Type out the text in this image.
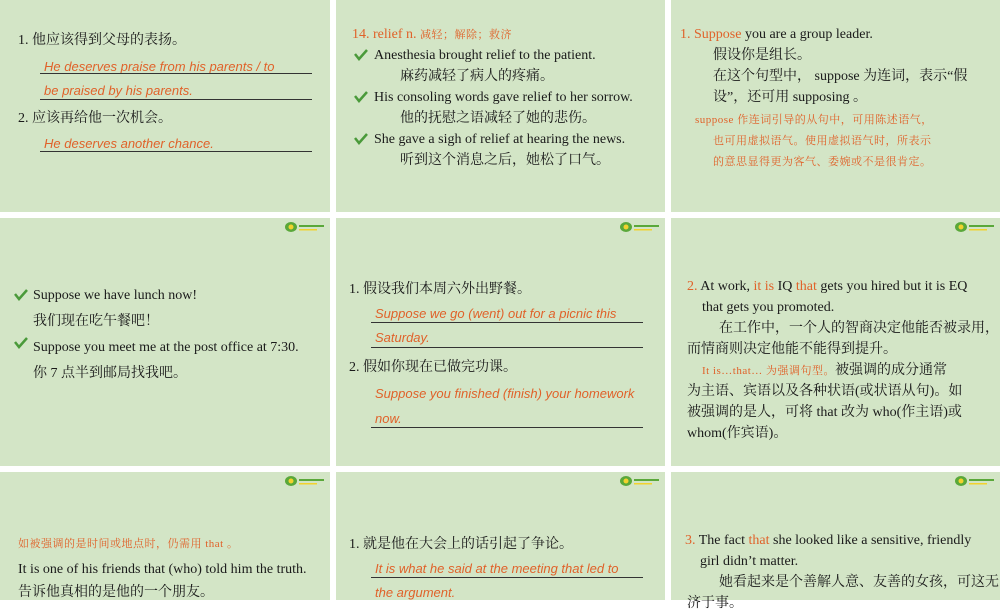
1. 他应该得到父母的表扬。
He deserves praise from his parents / to
be praised by his parents.
2. 应该再给他一次机会。
He deserves another chance.
14. relief n. 减轻；解除；救济
Anesthesia brought relief to the patient.
麻药减轻了病人的疼痛。
His consoling words gave relief to her sorrow.
他的抚慰之语减轻了她的悲伤。
She gave a sigh of relief at hearing the news.
听到这个消息之后，她松了口气。
1. Suppose you are a group leader.
假设你是组长。
在这个句型中， suppose 为连词，表示“假
设”，还可用 supposing 。
suppose 作连词引导的从句中，可用陈述语气，
也可用虚拟语气。使用虚拟语气时，所表示
的意思显得更为客气、委婉或不是很肯定。
Suppose we have lunch now!
我们现在吃午餐吧！
Suppose you meet me at the post office at 7:30.
你 7 点半到邮局找我吧。
1. 假设我们本周六外出野餐。
Suppose we go (went) out for a picnic this
Saturday.
2. 假如你现在已做完功课。
Suppose you finished (finish) your homework
now.
2. At work, it is IQ that gets you hired but it is EQ
that gets you promoted.
在工作中，一个人的智商决定他能否被录用，
而情商则决定他能不能得到提升。
It is…that… 为强调句型。被强调的成分通常
为主语、宾语以及各种状语(或状语从句)。如
被强调的是人，可将 that 改为 who(作主语)或
whom(作宾语)。
如被强调的是时间或地点时，仍需用 that 。
It is one of his friends that (who) told him the truth.
告诉他真相的是他的一个朋友。
1. 就是他在大会上的话引起了争论。
It is what he said at the meeting that led to
the argument.
3. The fact that she looked like a sensitive, friendly
girl didn’t matter.
她看起来是个善解人意、友善的女孩，可这无
济于事。
